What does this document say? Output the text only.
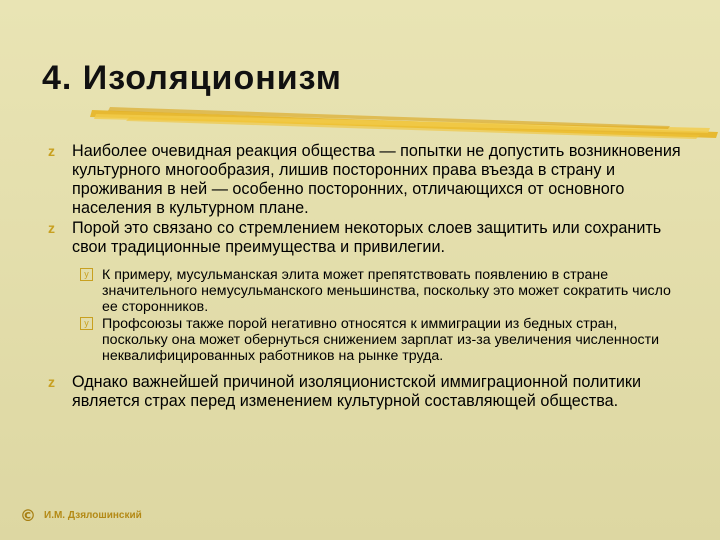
4. Изоляционизм
z Наиболее очевидная реакция общества — попытки не допустить возникновения культурного многообразия, лишив посторонних права въезда в страну и проживания в ней — особенно посторонних, отличающихся от основного населения в культурном плане.
z Порой это связано со стремлением некоторых слоев защитить или сохранить свои традиционные преимущества и привилегии.
y К примеру, мусульманская элита может препятствовать появлению в стране значительного немусульманского меньшинства, поскольку это может сократить число ее сторонников.
y Профсоюзы также порой негативно относятся к иммиграции из бедных стран, поскольку она может обернуться снижением зарплат из-за увеличения численности неквалифицированных работников на рынке труда.
z Однако важнейшей причиной изоляционистской иммиграционной политики является страх перед изменением культурной составляющей общества.
© И.М. Дзялошинский
